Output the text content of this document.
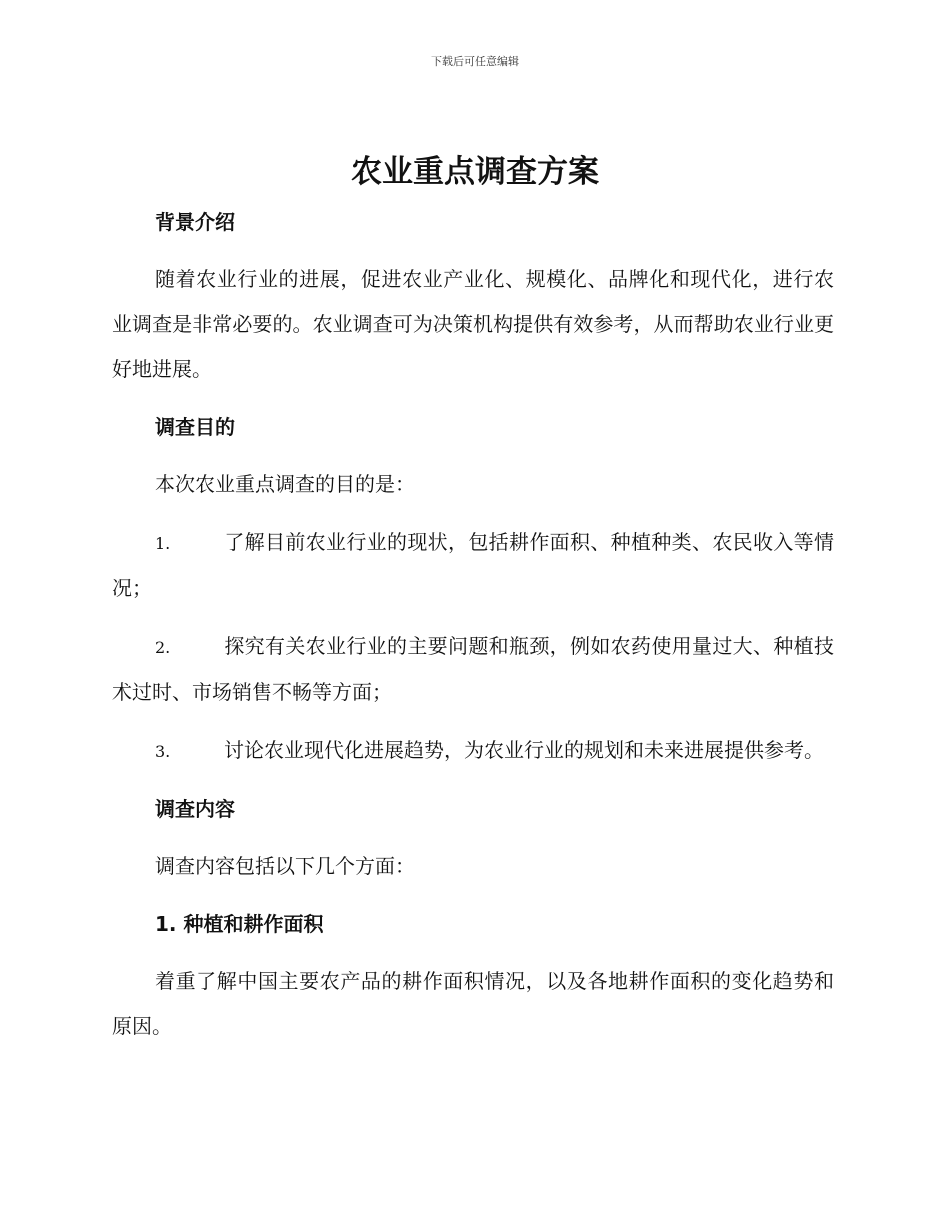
下载后可任意编辑
农业重点调查方案

背景介绍

随着农业行业的进展，促进农业产业化、规模化、品牌化和现代化，进行农业调查是非常必要的。农业调查可为决策机构提供有效参考，从而帮助农业行业更好地进展。

调查目的

本次农业重点调查的目的是：

1.	了解目前农业行业的现状，包括耕作面积、种植种类、农民收入等情况；

2.	探究有关农业行业的主要问题和瓶颈，例如农药使用量过大、种植技术过时、市场销售不畅等方面；

3.	讨论农业现代化进展趋势，为农业行业的规划和未来进展提供参考。

调查内容

调查内容包括以下几个方面：

1. 种植和耕作面积

着重了解中国主要农产品的耕作面积情况，以及各地耕作面积的变化趋势和原因。
